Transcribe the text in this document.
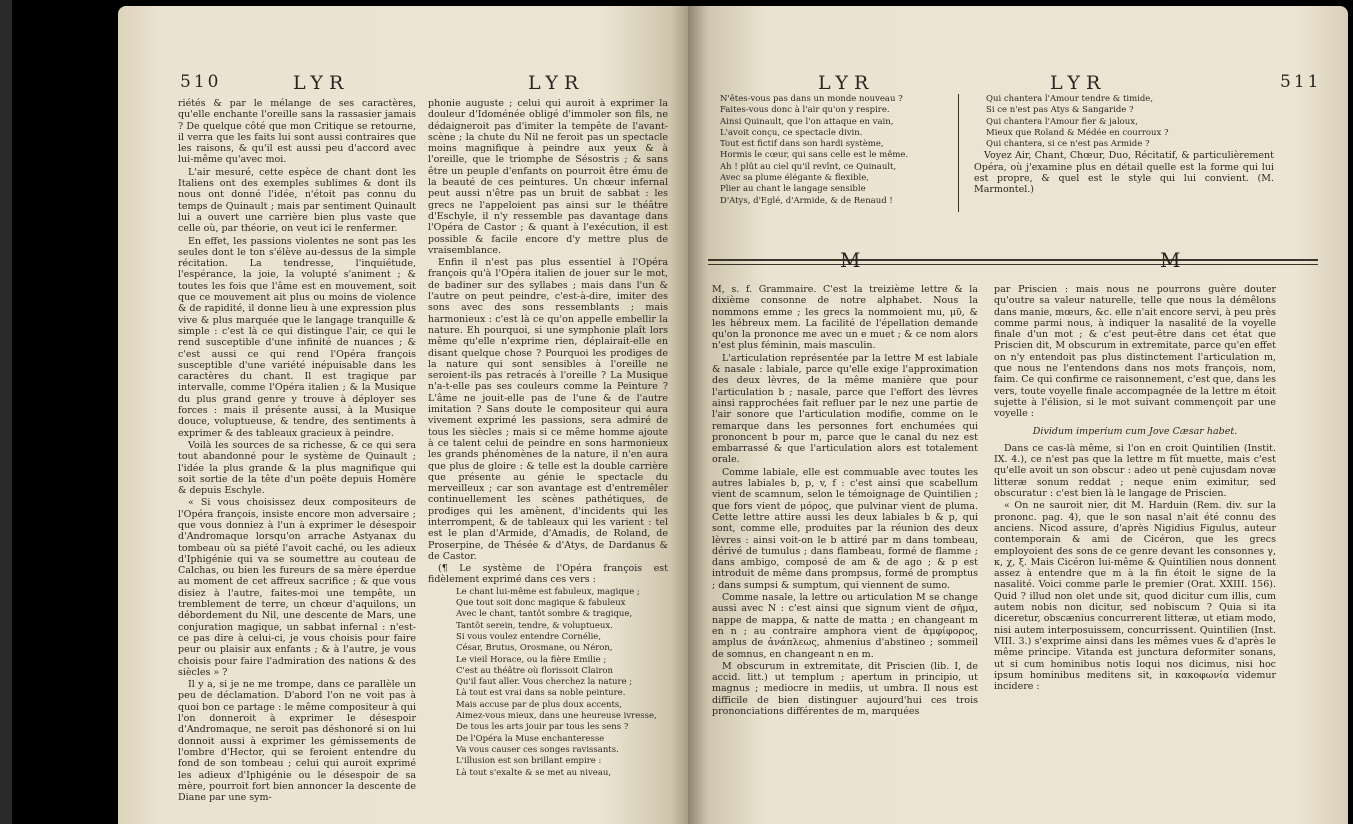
510	LYR	LYR

riétés & par le mélange de ses caractères, qu'elle enchante l'oreille sans la rassasier jamais ? De quelque côté que mon Critique se retourne, il verra que les faits lui sont aussi contraires que les raisons, & qu'il est aussi peu d'accord avec lui-même qu'avec moi.

L'air mesuré, cette espèce de chant dont les Italiens ont des exemples sublimes & dont ils nous ont donné l'idée, n'étoit pas connu du temps de Quinault ; mais par sentiment Quinault lui a ouvert une carrière bien plus vaste que celle où, par théorie, on veut ici le renfermer.

En effet, les passions violentes ne sont pas les seules dont le ton s'élève au-dessus de la simple récitation. La tendresse, l'inquiétude, l'espérance, la joie, la volupté s'animent ; & toutes les fois que l'âme est en mouvement, soit que ce mouvement ait plus ou moins de violence & de rapidité, il donne lieu à une expression plus vive & plus marquée que le langage tranquille & simple : c'est là ce qui distingue l'air, ce qui le rend susceptible d'une infinité de nuances ; & c'est aussi ce qui rend l'Opéra françois susceptible d'une variété inépuisable dans les caractères du chant. Il est tragique par intervalle, comme l'Opéra italien ; & la Musique du plus grand genre y trouve à déployer ses forces : mais il présente aussi, à la Musique douce, voluptueuse, & tendre, des sentiments à exprimer & des tableaux gracieux à peindre.

Voilà les sources de sa richesse, & ce qui sera tout abandonné pour le système de Quinault ; l'idée la plus grande & la plus magnifique qui soit sortie de la tête d'un poëte depuis Homère & depuis Eschyle.

« Si vous choisissez deux compositeurs de l'Opéra françois, insiste encore mon adversaire ; que vous donniez à l'un à exprimer le désespoir d'Andromaque lorsqu'on arrache Astyanax du tombeau où sa piété l'avoit caché, ou les adieux d'Iphigénie qui va se soumettre au couteau de Calchas, ou bien les fureurs de sa mère éperdue au moment de cet affreux sacrifice ; & que vous disiez à l'autre, faites-moi une tempête, un tremblement de terre, un chœur d'aquilons, un débordement du Nil, une descente de Mars, une conjuration magique, un sabbat infernal : n'est-ce pas dire à celui-ci, je vous choisis pour faire peur ou plaisir aux enfants ; & à l'autre, je vous choisis pour faire l'admiration des nations & des siècles » ?

Il y a, si je ne me trompe, dans ce parallèle un peu de déclamation. D'abord l'on ne voit pas à quoi bon ce partage : le même compositeur à qui l'on donneroit à exprimer le désespoir d'Andromaque, ne seroit pas déshonoré si on lui donnoit aussi à exprimer les gémissements de l'ombre d'Hector, qui se feroient entendre du fond de son tombeau ; celui qui auroit exprimé les adieux d'Iphigénie ou le désespoir de sa mère, pourroit fort bien annoncer la descente de Diane par une sym-

phonie auguste ; celui qui auroit à exprimer la douleur d'Idoménée obligé d'immoler son fils, ne dédaigneroit pas d'imiter la tempête de l'avant-scène ; la chute du Nil ne feroit pas un spectacle moins magnifique à peindre aux yeux & à l'oreille, que le triomphe de Sésostris ; & sans être un peuple d'enfants on pourroit être ému de la beauté de ces peintures. Un chœur infernal peut aussi n'être pas un bruit de sabbat : les grecs ne l'appeloient pas ainsi sur le théâtre d'Eschyle, il n'y ressemble pas davantage dans l'Opéra de Castor ; & quant à l'exécution, il est possible & facile encore d'y mettre plus de vraisemblance.

Enfin il n'est pas plus essentiel à l'Opéra françois qu'à l'Opéra italien de jouer sur le mot, de badiner sur des syllabes ; mais dans l'un & l'autre on peut peindre, c'est-à-dire, imiter des sons avec des sons ressemblants ; mais harmonieux : c'est là ce qu'on appelle embellir la nature. Eh pourquoi, si une symphonie plaît lors même qu'elle n'exprime rien, déplairait-elle en disant quelque chose ? Pourquoi les prodiges de la nature qui sont sensibles à l'oreille ne seroient-ils pas retracés à l'oreille ? La Musique n'a-t-elle pas ses couleurs comme la Peinture ? L'âme ne jouit-elle pas de l'une & de l'autre imitation ? Sans doute le compositeur qui aura vivement exprimé les passions, sera admiré de tous les siècles ; mais si ce même homme ajoute à ce talent celui de peindre en sons harmonieux les grands phénomènes de la nature, il n'en aura que plus de gloire : & telle est la double carrière que présente au génie le spectacle du merveilleux ; car son avantage est d'entremêler continuellement les scènes pathétiques, de prodiges qui les amènent, d'incidents qui les interrompent, & de tableaux qui les varient : tel est le plan d'Armide, d'Amadis, de Roland, de Proserpine, de Thésée & d'Atys, de Dardanus & de Castor.

(¶ Le système de l'Opéra françois est fidèlement exprimé dans ces vers :

Le chant lui-même est fabuleux, magique ;
Que tout soit donc magique & fabuleux
Avec le chant, tantôt sombre & tragique,
Tantôt serein, tendre, & voluptueux.
Si vous voulez entendre Cornélie,
César, Brutus, Orosmane, ou Néron,
Le vieil Horace, ou la fière Emilie ;
C'est au théâtre où florissoit Clairon
Qu'il faut aller. Vous cherchez la nature ;
Là tout est vrai dans sa noble peinture.
Mais accuse par de plus doux accents,
Aimez-vous mieux, dans une heureuse ivresse,
De tous les arts jouir par tous les sens ?
De l'Opéra la Muse enchanteresse
Va vous causer ces songes ravissants.
L'illusion est son brillant empire :
Là tout s'exalte & se met au niveau,
LYR	LYR	511
N'êtes-vous pas dans un monde nouveau ?
Faites-vous donc à l'air qu'on y respire.
Ainsi Quinault, que l'on attaque en vain,
L'avoit conçu, ce spectacle divin.
Tout est fictif dans son hardi système,
Hormis le cœur, qui sans celle est le même.
Ah ! plût au ciel qu'il revînt, ce Quinault,
Avec sa plume élégante & flexible,
Plier au chant le langage sensible
D'Atys, d'Eglé, d'Armide, & de Renaud !
Qui chantera l'Amour tendre & timide,
Si ce n'est pas Atys & Sangaride ?
Qui chantera l'Amour fier & jaloux,
Mieux que Roland & Médée en courroux ?
Qui chantera, si ce n'est pas Armide ?

Voyez Air, Chant, Chœur, Duo, Récitatif, & particulièrement Opéra, où j'examine plus en détail quelle est la forme qui lui est propre, & quel est le style qui lui convient. (M. Marmontel.)

M	M

M, s. f. Grammaire. C'est la treizième lettre & la dixième consonne de notre alphabet. Nous la nommons emme ; les grecs la nommoient mu, μῦ, & les hébreux mem. La facilité de l'épellation demande qu'on la prononce me avec un e muet ; & ce nom alors n'est plus féminin, mais masculin.

L'articulation représentée par la lettre M est labiale & nasale : labiale, parce qu'elle exige l'approximation des deux lèvres, de la même manière que pour l'articulation b ; nasale, parce que l'effort des lèvres ainsi rapprochées fait refluer par le nez une partie de l'air sonore que l'articulation modifie, comme on le remarque dans les personnes fort enchumées qui prononcent b pour m, parce que le canal du nez est embarrassé & que l'articulation alors est totalement orale.

Comme labiale, elle est commuable avec toutes les autres labiales b, p, v, f : c'est ainsi que scabellum vient de scamnum, selon le témoignage de Quintilien ; que fors vient de μόρος, que pulvinar vient de pluma. Cette lettre attire aussi les deux labiales b & p, qui sont, comme elle, produites par la réunion des deux lèvres : ainsi voit-on le b attiré par m dans tombeau, dérivé de tumulus ; dans flambeau, formé de flamme ; dans ambigo, composé de am & de ago ; & p est introduit de même dans prompsus, formé de promptus ; dans sumpsi & sumptum, qui viennent de sumo.

Comme nasale, la lettre ou articulation M se change aussi avec N : c'est ainsi que signum vient de σῆμα, nappe de mappa, & natte de matta ; en changeant m en n ; au contraire amphora vient de ἀμφίφορος, amplus de ἀνάπλεως, ahmenius d'abstineo ; sommeil de somnus, en changeant n en m.

M obscurum in extremitate, dit Priscien (lib. I, de accid. litt.) ut templum ; apertum in principio, ut magnus ; mediocre in mediis, ut umbra. Il nous est difficile de bien distinguer aujourd'hui ces trois prononciations différentes de m, marquées

par Priscien : mais nous ne pourrons guère douter qu'outre sa valeur naturelle, telle que nous la démêlons dans manie, mœurs, &c. elle n'ait encore servi, à peu près comme parmi nous, à indiquer la nasalité de la voyelle finale d'un mot ; & c'est peut-être dans cet état que Priscien dit, M obscurum in extremitate, parce qu'en effet on n'y entendoit pas plus distinctement l'articulation m, que nous ne l'entendons dans nos mots françois, nom, faim. Ce qui confirme ce raisonnement, c'est que, dans les vers, toute voyelle finale accompagnée de la lettre m étoit sujette à l'élision, si le mot suivant commençoit par une voyelle :

Dividum imperium cum Jove Cæsar habet.

Dans ce cas-là même, si l'on en croit Quintilien (Instit. IX. 4.), ce n'est pas que la lettre m fût muette, mais c'est qu'elle avoit un son obscur : adeo ut penè cujusdam novæ litteræ sonum reddat ; neque enim eximitur, sed obscuratur : c'est bien là le langage de Priscien.

« On ne sauroit nier, dit M. Harduin (Rem. div. sur la prononc. pag. 4), que le son nasal n'ait été connu des anciens. Nicod assure, d'après Nigidius Figulus, auteur contemporain & ami de Cicéron, que les grecs employoient des sons de ce genre devant les consonnes γ, κ, χ, ξ. Mais Cicéron lui-même & Quintilien nous donnent assez à entendre que m à la fin étoit le signe de la nasalité. Voici comme parle le premier (Orat. XXIII. 156). Quid ? illud non olet unde sit, quod dicitur cum illis, cum autem nobis non dicitur, sed nobiscum ? Quia si ita diceretur, obscænius concurrerent litteræ, ut etiam modo, nisi autem interposuissem, concurrissent. Quintilien (Inst. VIII. 3.) s'exprime ainsi dans les mêmes vues & d'après le même principe. Vitanda est junctura deformiter sonans, ut si cum hominibus notis loqui nos dicimus, nisi hoc ipsum hominibus meditens sit, in κακοφωνία videmur incidere :
